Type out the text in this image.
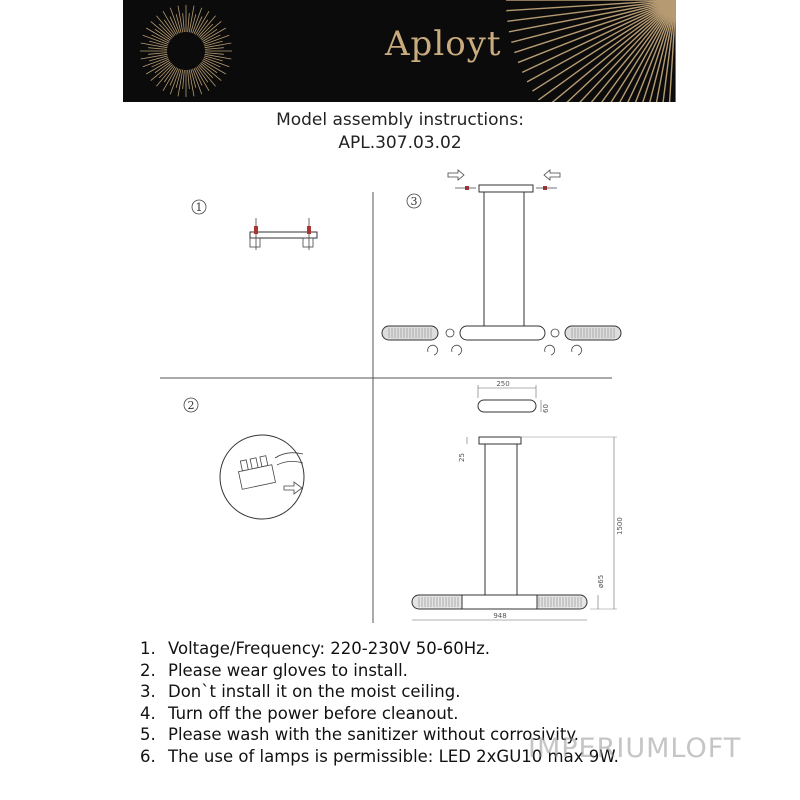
Aployt
Model assembly instructions:
APL.307.03.02
1	3
2
250
60
25
1500
ø65
948
1. Voltage/Frequency: 220-230V 50-60Hz.
2. Please wear gloves to install.
3. Don`t install it on the moist ceiling.
4. Turn off the power before cleanout.
5. Please wash with the sanitizer without corrosivity.
6. The use of lamps is permissible: LED 2xGU10 max 9W.
IMPERIUMLOFT
